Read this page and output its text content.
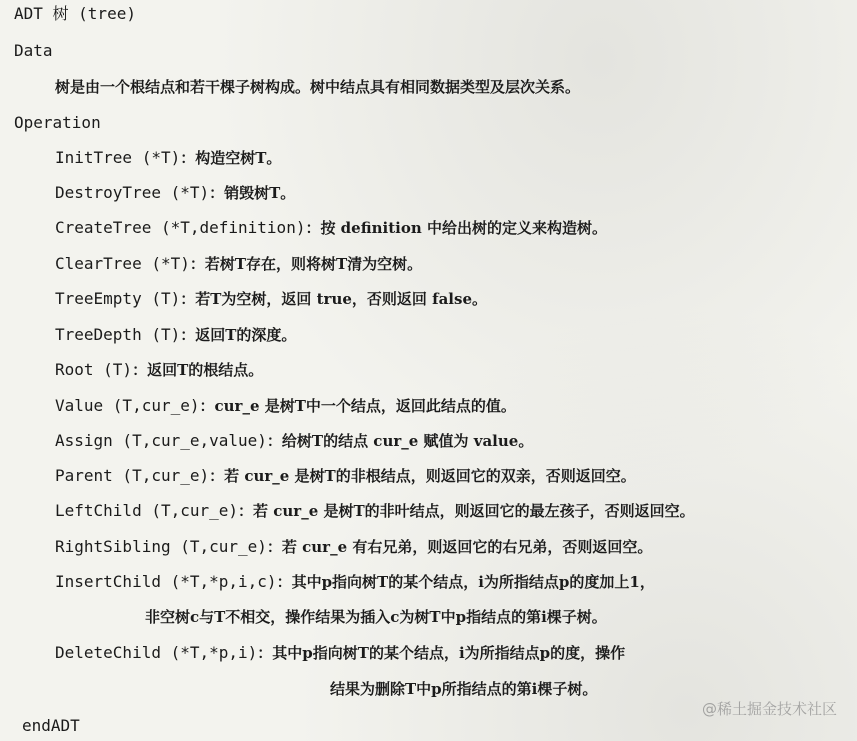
ADT 树 (tree)
Data
树是由一个根结点和若干棵子树构成。树中结点具有相同数据类型及层次关系。
Operation
InitTree (*T)：构造空树T。
DestroyTree (*T)：销毁树T。
CreateTree (*T,definition)：按 definition 中给出树的定义来构造树。
ClearTree (*T)：若树T存在，则将树T清为空树。
TreeEmpty (T)：若T为空树，返回 true，否则返回 false。
TreeDepth (T)：返回T的深度。
Root (T)：返回T的根结点。
Value (T,cur_e)：cur_e 是树T中一个结点，返回此结点的值。
Assign (T,cur_e,value)：给树T的结点 cur_e 赋值为 value。
Parent (T,cur_e)：若 cur_e 是树T的非根结点，则返回它的双亲，否则返回空。
LeftChild (T,cur_e)：若 cur_e 是树T的非叶结点，则返回它的最左孩子，否则返回空。
RightSibling (T,cur_e)：若 cur_e 有右兄弟，则返回它的右兄弟，否则返回空。
InsertChild (*T,*p,i,c)：其中p指向树T的某个结点，i为所指结点p的度加上1，
非空树c与T不相交，操作结果为插入c为树T中p指结点的第i棵子树。
DeleteChild (*T,*p,i)：其中p指向树T的某个结点，i为所指结点p的度，操作
结果为删除T中p所指结点的第i棵子树。
endADT
@稀土掘金技术社区
